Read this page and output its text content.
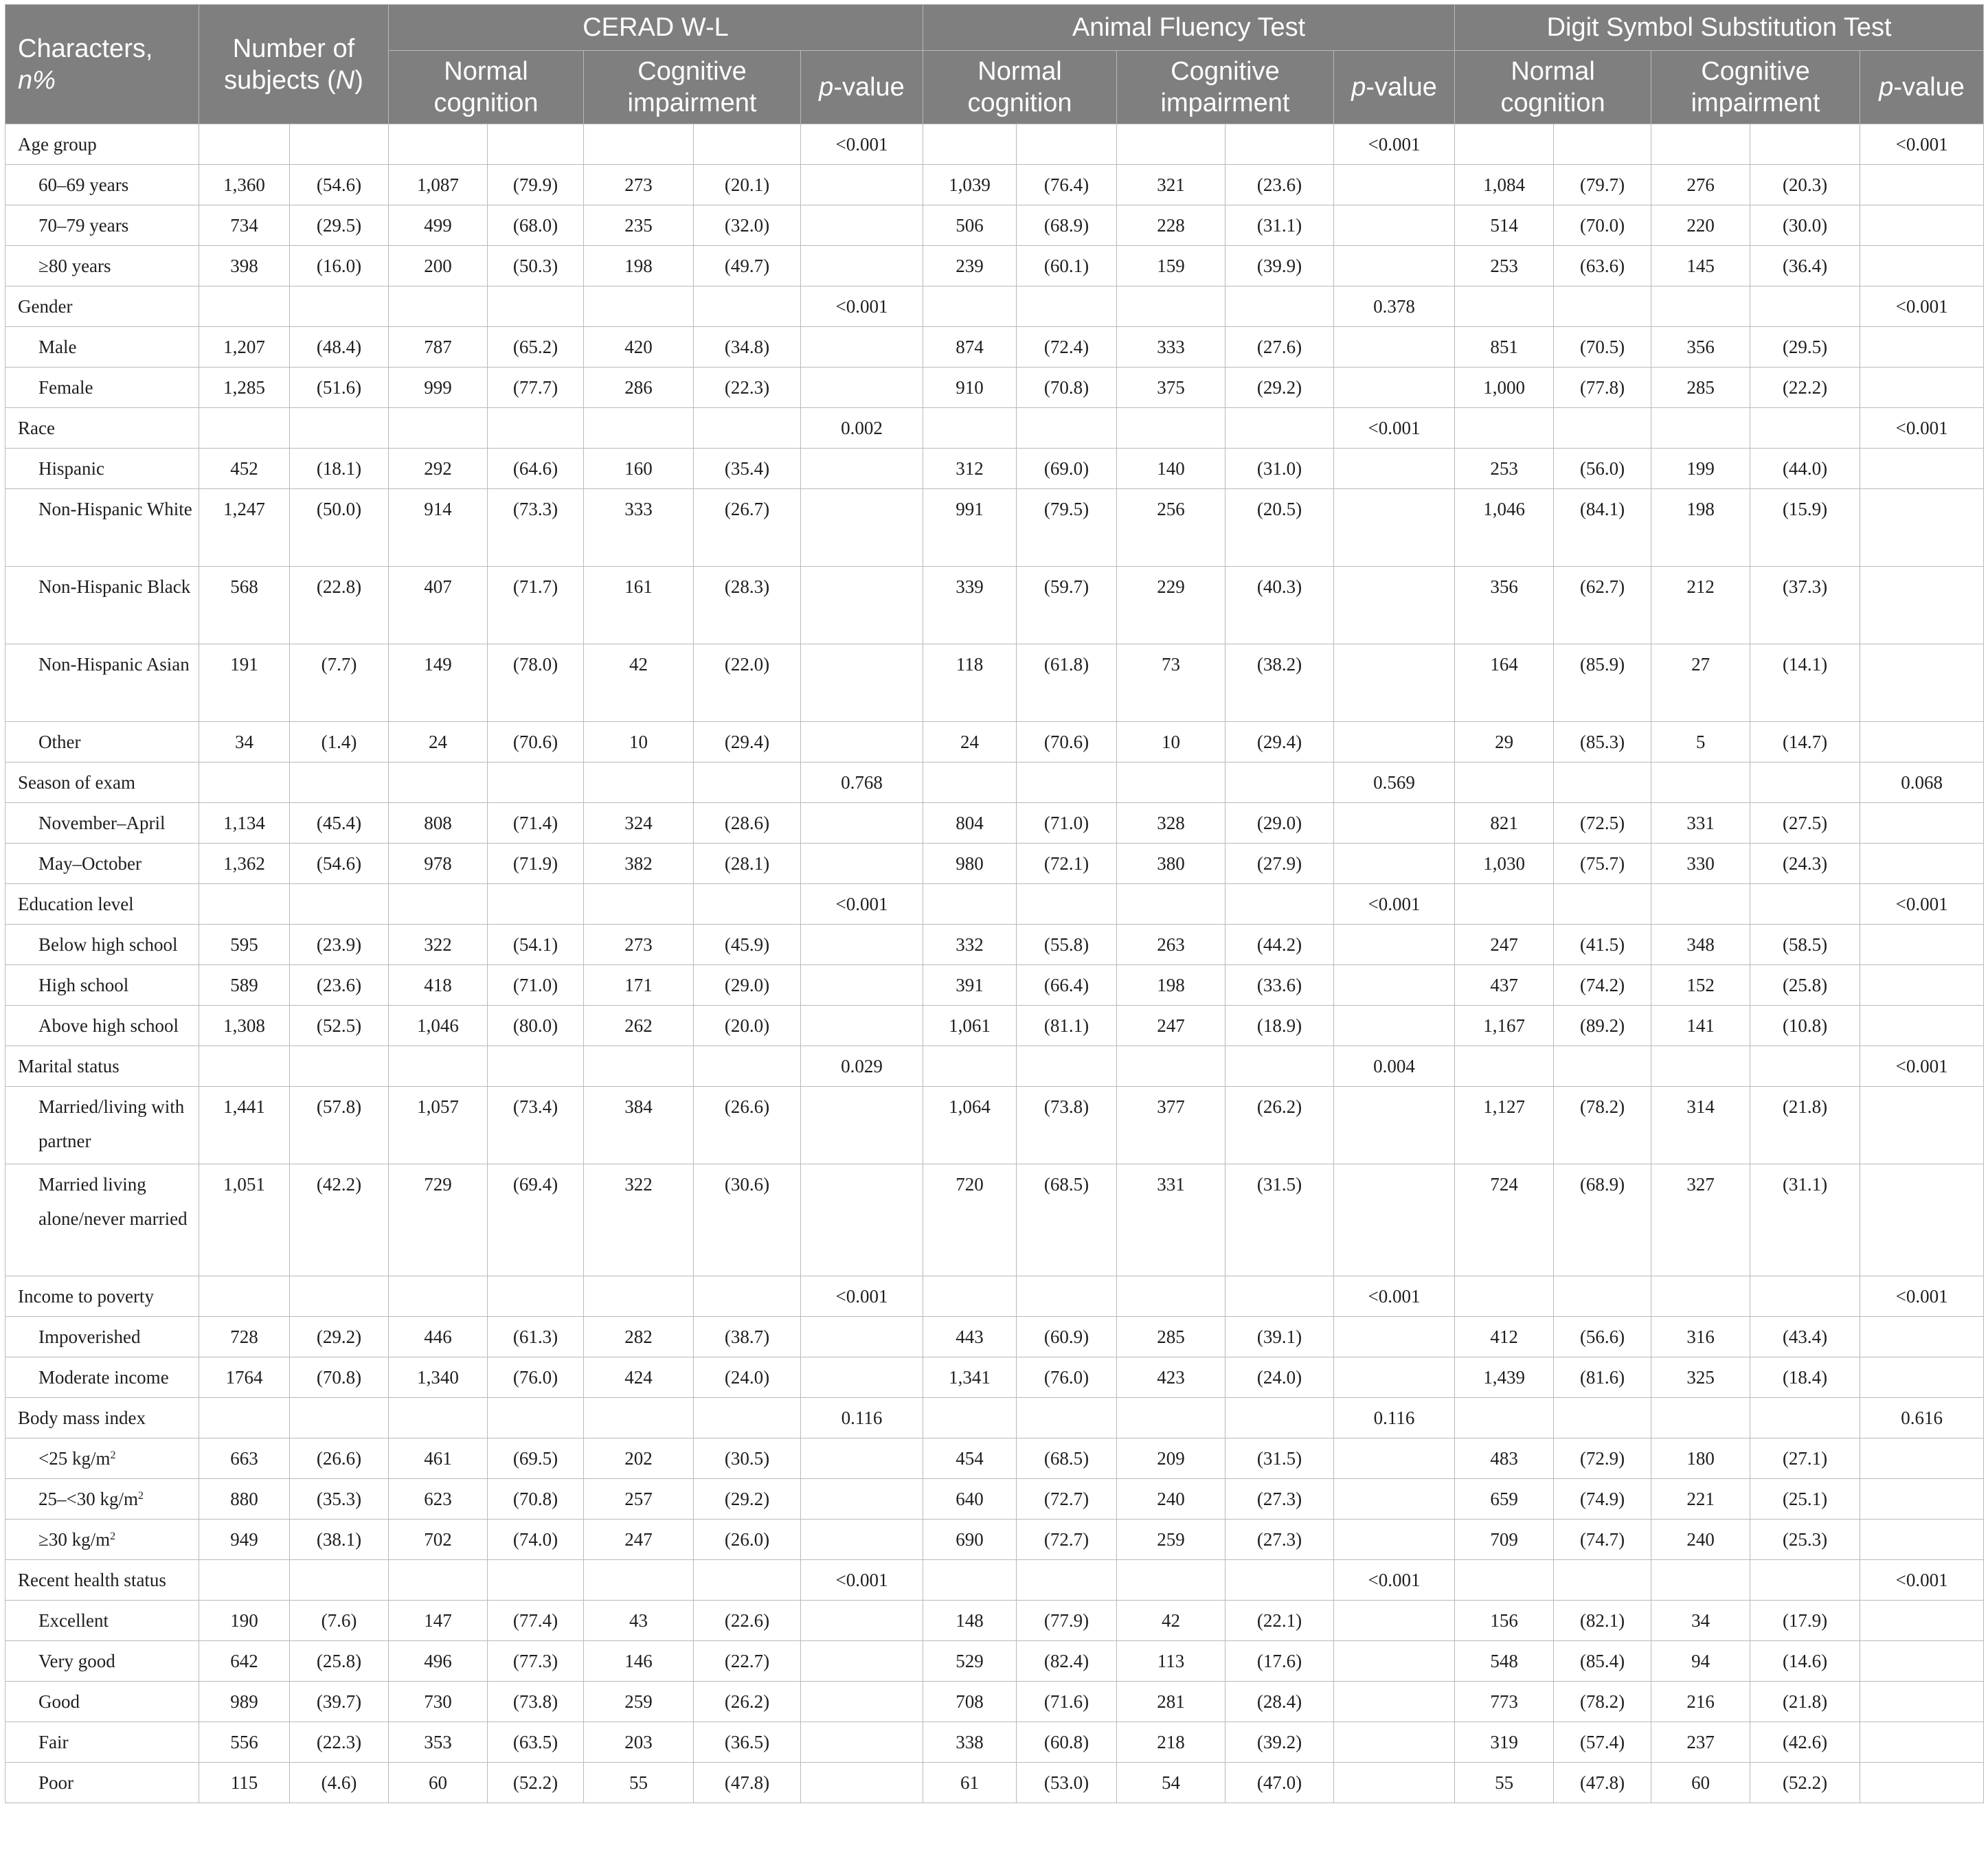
Characters,
n%	Number of subjects (N)		CERAD W-L					Animal Fluency Test					Digit Symbol Substitution Test				
			Normal cognition		Cognitive impairment		p-value	Normal cognition		Cognitive impairment		p-value	Normal cognition		Cognitive impairment		p-value
Age group							<0.001					<0.001					<0.001
60–69 years	1,360	(54.6)	1,087	(79.9)	273	(20.1)		1,039	(76.4)	321	(23.6)		1,084	(79.7)	276	(20.3)	
70–79 years	734	(29.5)	499	(68.0)	235	(32.0)		506	(68.9)	228	(31.1)		514	(70.0)	220	(30.0)	
≥80 years	398	(16.0)	200	(50.3)	198	(49.7)		239	(60.1)	159	(39.9)		253	(63.6)	145	(36.4)	
Gender							<0.001					0.378					<0.001
Male	1,207	(48.4)	787	(65.2)	420	(34.8)		874	(72.4)	333	(27.6)		851	(70.5)	356	(29.5)	
Female	1,285	(51.6)	999	(77.7)	286	(22.3)		910	(70.8)	375	(29.2)		1,000	(77.8)	285	(22.2)	
Race							0.002					<0.001					<0.001
Hispanic	452	(18.1)	292	(64.6)	160	(35.4)		312	(69.0)	140	(31.0)		253	(56.0)	199	(44.0)	
Non-Hispanic White	1,247	(50.0)	914	(73.3)	333	(26.7)		991	(79.5)	256	(20.5)		1,046	(84.1)	198	(15.9)	
Non-Hispanic Black	568	(22.8)	407	(71.7)	161	(28.3)		339	(59.7)	229	(40.3)		356	(62.7)	212	(37.3)	
Non-Hispanic Asian	191	(7.7)	149	(78.0)	42	(22.0)		118	(61.8)	73	(38.2)		164	(85.9)	27	(14.1)	
Other	34	(1.4)	24	(70.6)	10	(29.4)		24	(70.6)	10	(29.4)		29	(85.3)	5	(14.7)	
Season of exam							0.768					0.569					0.068
November–April	1,134	(45.4)	808	(71.4)	324	(28.6)		804	(71.0)	328	(29.0)		821	(72.5)	331	(27.5)	
May–October	1,362	(54.6)	978	(71.9)	382	(28.1)		980	(72.1)	380	(27.9)		1,030	(75.7)	330	(24.3)	
Education level							<0.001					<0.001					<0.001
Below high school	595	(23.9)	322	(54.1)	273	(45.9)		332	(55.8)	263	(44.2)		247	(41.5)	348	(58.5)	
High school	589	(23.6)	418	(71.0)	171	(29.0)		391	(66.4)	198	(33.6)		437	(74.2)	152	(25.8)	
Above high school	1,308	(52.5)	1,046	(80.0)	262	(20.0)		1,061	(81.1)	247	(18.9)		1,167	(89.2)	141	(10.8)	
Marital status							0.029					0.004					<0.001
Married/living with partner	1,441	(57.8)	1,057	(73.4)	384	(26.6)		1,064	(73.8)	377	(26.2)		1,127	(78.2)	314	(21.8)	
Married living alone/never married	1,051	(42.2)	729	(69.4)	322	(30.6)		720	(68.5)	331	(31.5)		724	(68.9)	327	(31.1)	
Income to poverty							<0.001					<0.001					<0.001
Impoverished	728	(29.2)	446	(61.3)	282	(38.7)		443	(60.9)	285	(39.1)		412	(56.6)	316	(43.4)	
Moderate income	1764	(70.8)	1,340	(76.0)	424	(24.0)		1,341	(76.0)	423	(24.0)		1,439	(81.6)	325	(18.4)	
Body mass index							0.116					0.116					0.616
<25 $kg/m^2$	663	(26.6)	461	(69.5)	202	(30.5)		454	(68.5)	209	(31.5)		483	(72.9)	180	(27.1)	
25–<30 $kg/m^2$	880	(35.3)	623	(70.8)	257	(29.2)		640	(72.7)	240	(27.3)		659	(74.9)	221	(25.1)	
≥30 $kg/m^2$	949	(38.1)	702	(74.0)	247	(26.0)		690	(72.7)	259	(27.3)		709	(74.7)	240	(25.3)	
Recent health status							<0.001					<0.001					<0.001
Excellent	190	(7.6)	147	(77.4)	43	(22.6)		148	(77.9)	42	(22.1)		156	(82.1)	34	(17.9)	
Very good	642	(25.8)	496	(77.3)	146	(22.7)		529	(82.4)	113	(17.6)		548	(85.4)	94	(14.6)	
Good	989	(39.7)	730	(73.8)	259	(26.2)		708	(71.6)	281	(28.4)		773	(78.2)	216	(21.8)	
Fair	556	(22.3)	353	(63.5)	203	(36.5)		338	(60.8)	218	(39.2)		319	(57.4)	237	(42.6)	
Poor	115	(4.6)	60	(52.2)	55	(47.8)		61	(53.0)	54	(47.0)		55	(47.8)	60	(52.2)	
